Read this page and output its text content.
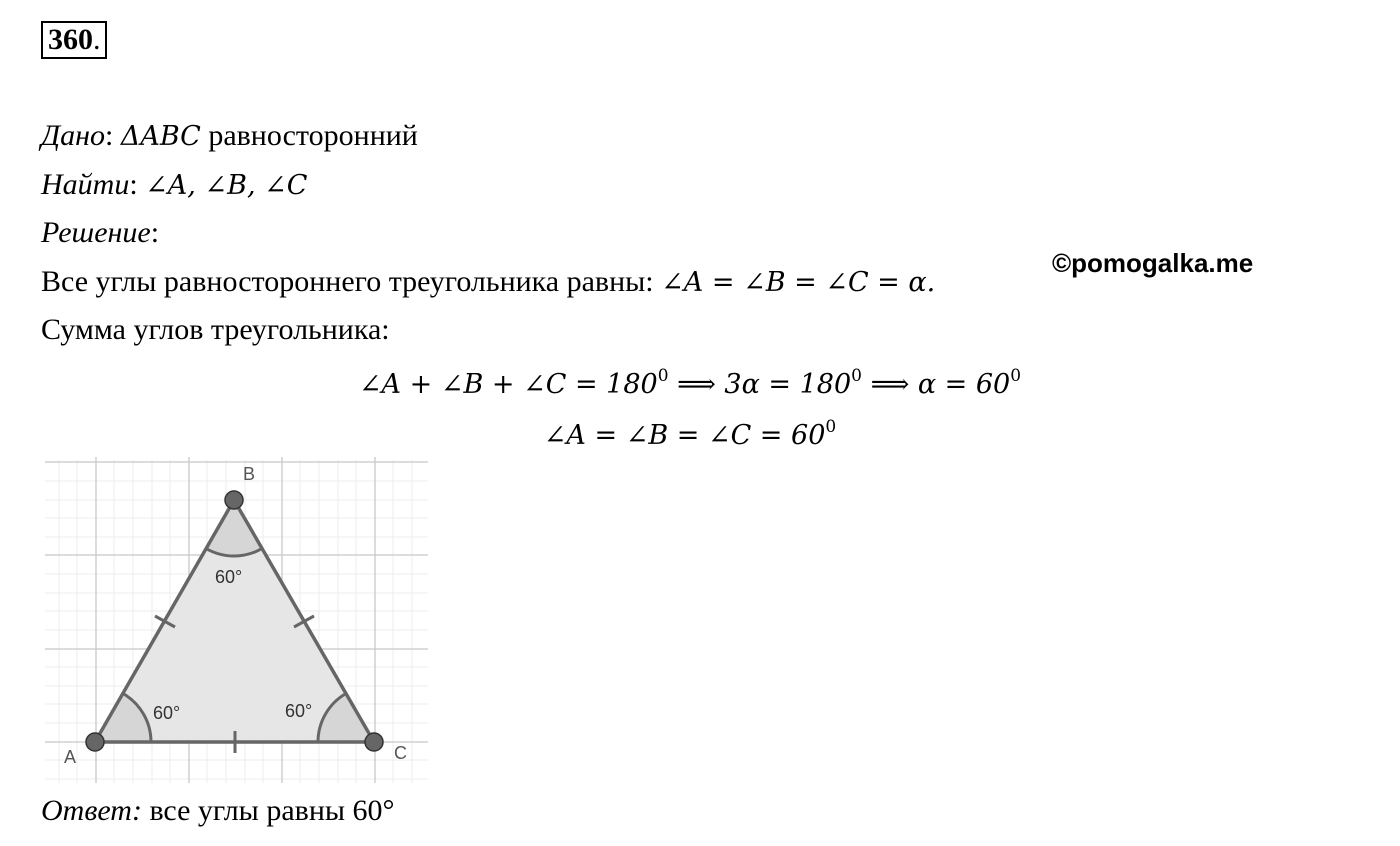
360.
Дано: ΔABC равносторонний
Найти: ∠A, ∠B, ∠C
Решение:
Все углы равностороннего треугольника равны: ∠A = ∠B = ∠C = α.
©pomogalka.me
Сумма углов треугольника:
∠A + ∠B + ∠C = $180^0$ ⟹ $3\alpha = 180^0$ ⟹ $\alpha = 60^0$
∠A = ∠B = ∠C = $60^0$
A
B
C
60°
60°	60°
Ответ: все углы равны 60°
